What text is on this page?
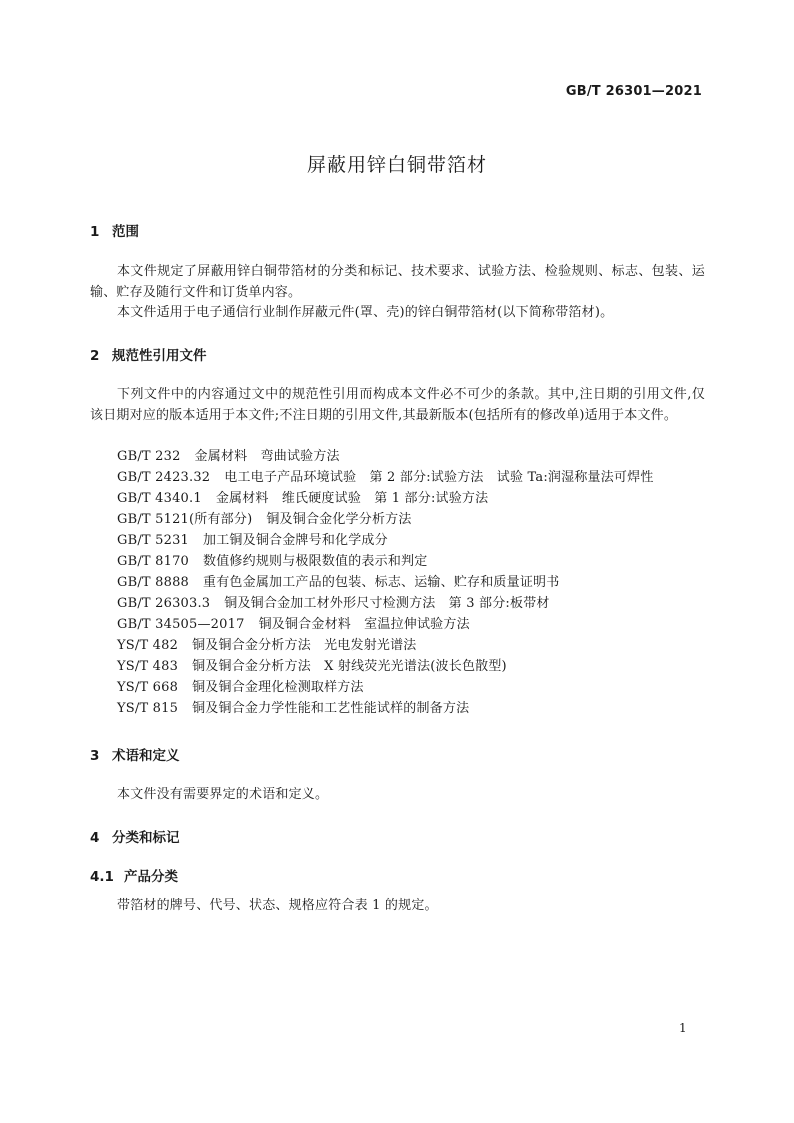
GB/T 26301—2021
屏蔽用锌白铜带箔材
1 范围

本文件规定了屏蔽用锌白铜带箔材的分类和标记、技术要求、试验方法、检验规则、标志、包装、运输、贮存及随行文件和订货单内容。

本文件适用于电子通信行业制作屏蔽元件(罩、壳)的锌白铜带箔材(以下简称带箔材)。

2 规范性引用文件

下列文件中的内容通过文中的规范性引用而构成本文件必不可少的条款。其中,注日期的引用文件,仅该日期对应的版本适用于本文件;不注日期的引用文件,其最新版本(包括所有的修改单)适用于本文件。

GB/T 232 金属材料　弯曲试验方法
GB/T 2423.32 电工电子产品环境试验　第 2 部分:试验方法　试验 Ta:润湿称量法可焊性
GB/T 4340.1 金属材料　维氏硬度试验　第 1 部分:试验方法
GB/T 5121(所有部分) 铜及铜合金化学分析方法
GB/T 5231 加工铜及铜合金牌号和化学成分
GB/T 8170 数值修约规则与极限数值的表示和判定
GB/T 8888 重有色金属加工产品的包装、标志、运输、贮存和质量证明书
GB/T 26303.3 铜及铜合金加工材外形尺寸检测方法　第 3 部分:板带材
GB/T 34505—2017 铜及铜合金材料　室温拉伸试验方法
YS/T 482 铜及铜合金分析方法　光电发射光谱法
YS/T 483 铜及铜合金分析方法　X 射线荧光光谱法(波长色散型)
YS/T 668 铜及铜合金理化检测取样方法
YS/T 815 铜及铜合金力学性能和工艺性能试样的制备方法
3 术语和定义

本文件没有需要界定的术语和定义。

4 分类和标记
4.1 产品分类

带箔材的牌号、代号、状态、规格应符合表 1 的规定。

1
